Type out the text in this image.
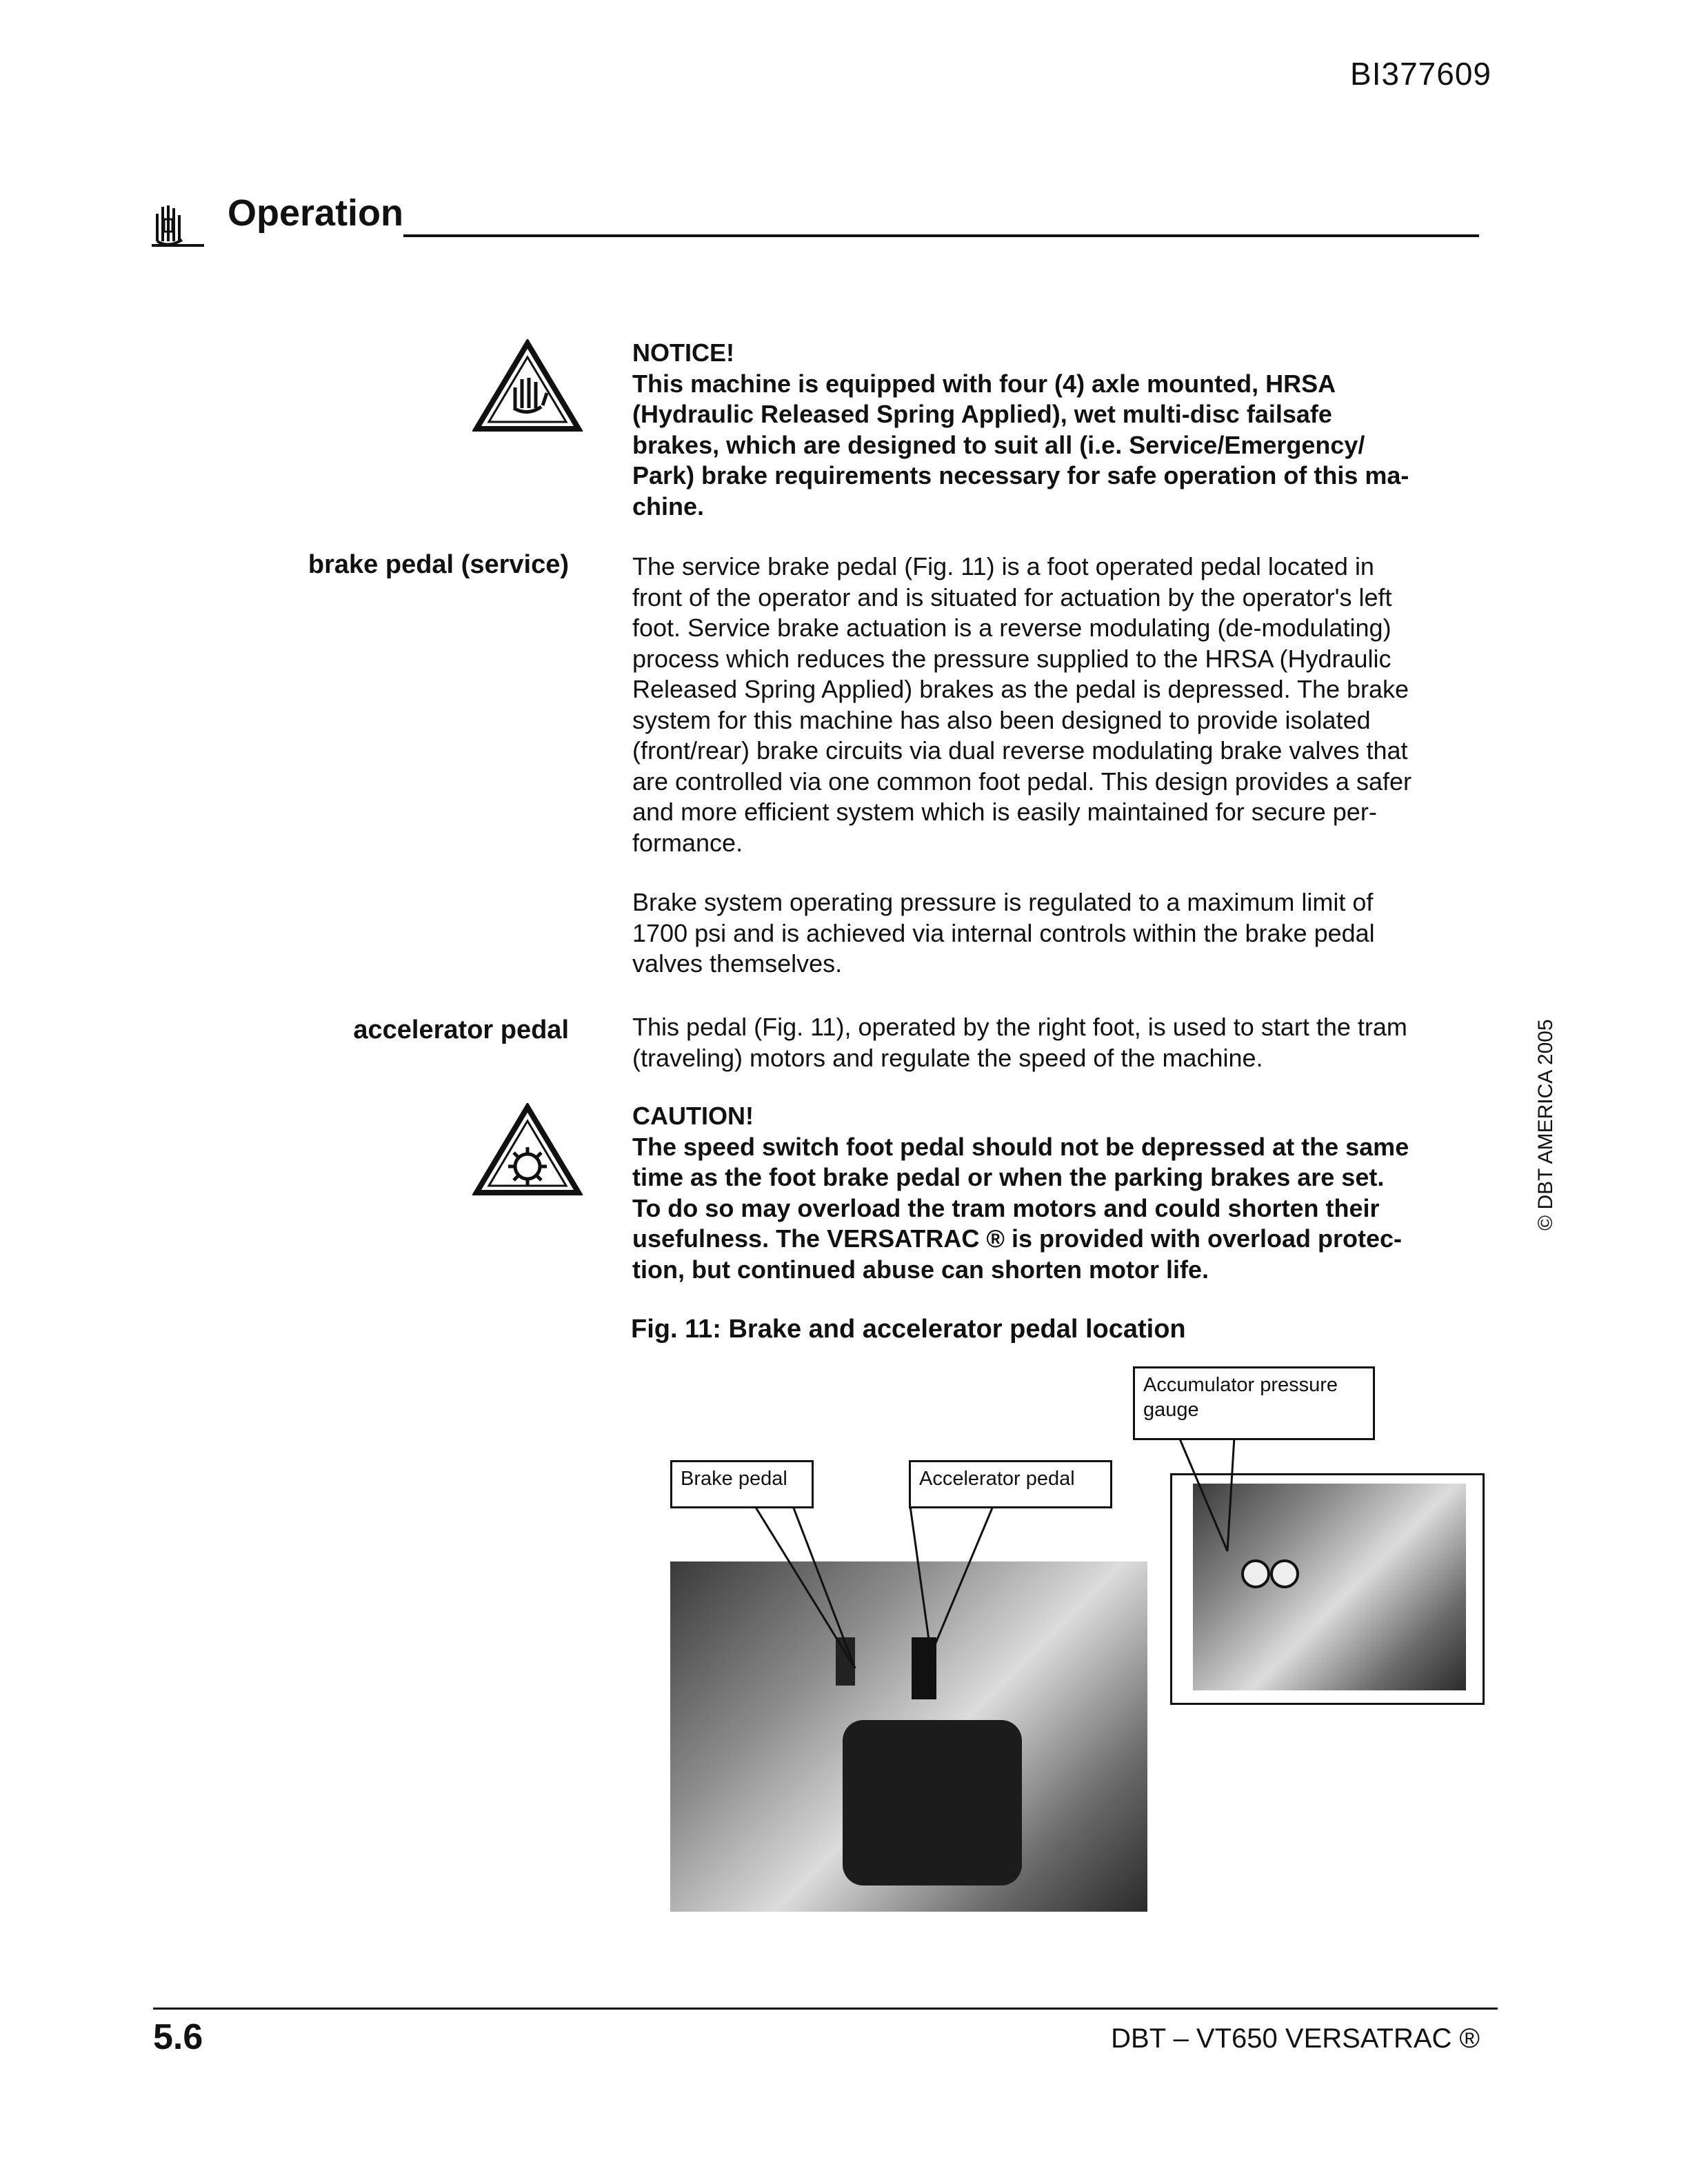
BI377609
Operation
NOTICE!
This machine is equipped with four (4) axle mounted, HRSA
(Hydraulic Released Spring Applied), wet multi-disc failsafe
brakes, which are designed to suit all (i.e. Service/Emergency/
Park) brake requirements necessary for safe operation of this ma-
chine.
brake pedal (service)	The service brake pedal (Fig. 11) is a foot operated pedal located in
front of the operator and is situated for actuation by the operator's left
foot. Service brake actuation is a reverse modulating (de-modulating)
process which reduces the pressure supplied to the HRSA (Hydraulic
Released Spring Applied) brakes as the pedal is depressed. The brake
system for this machine has also been designed to provide isolated
(front/rear) brake circuits via dual reverse modulating brake valves that
are controlled via one common foot pedal. This design provides a safer
and more efficient system which is easily maintained for secure per-
formance.
Brake system operating pressure is regulated to a maximum limit of
1700 psi and is achieved via internal controls within the brake pedal
valves themselves.
accelerator pedal	This pedal (Fig. 11), operated by the right foot, is used to start the tram
(traveling) motors and regulate the speed of the machine.
CAUTION!
The speed switch foot pedal should not be depressed at the same
time as the foot brake pedal or when the parking brakes are set.
To do so may overload the tram motors and could shorten their
usefulness. The VERSATRAC ® is provided with overload protec-
tion, but continued abuse can shorten motor life.
Fig. 11: Brake and accelerator pedal location
Accumulator pressure
gauge
Brake pedal	Accelerator pedal
© DBT AMERICA 2005
5.6	DBT – VT650 VERSATRAC ®
